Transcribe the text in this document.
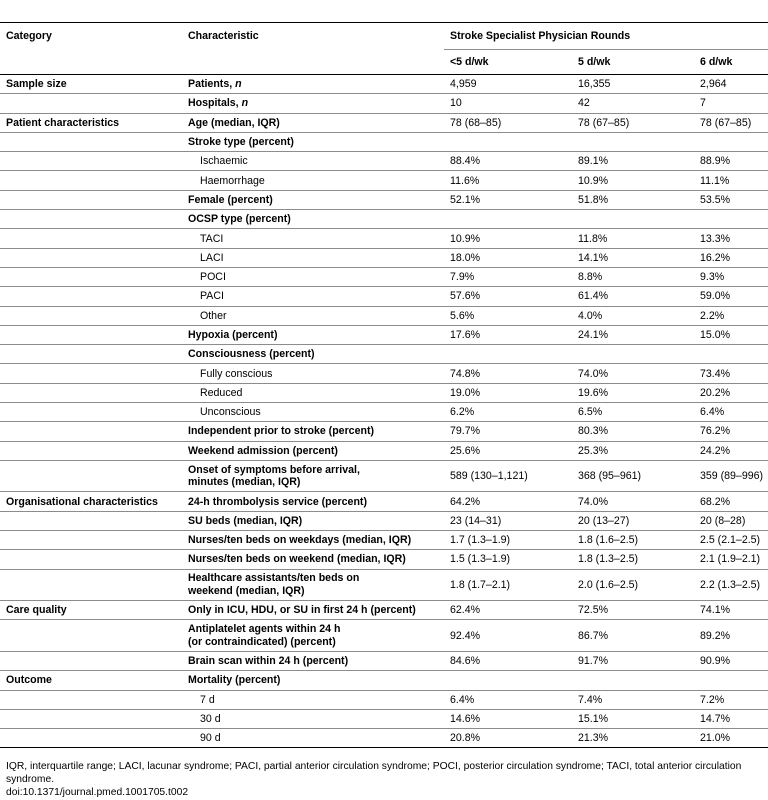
Category	Characteristic	Stroke Specialist Physician Rounds		
		<5 d/wk	5 d/wk	6 d/wk
Sample size	Patients, n	4,959	16,355	2,964
	Hospitals, n	10	42	7
Patient characteristics	Age (median, IQR)	78 (68–85)	78 (67–85)	78 (67–85)
	Stroke type (percent)			
	Ischaemic	88.4%	89.1%	88.9%
	Haemorrhage	11.6%	10.9%	11.1%
	Female (percent)	52.1%	51.8%	53.5%
	OCSP type (percent)			
	TACI	10.9%	11.8%	13.3%
	LACI	18.0%	14.1%	16.2%
	POCI	7.9%	8.8%	9.3%
	PACI	57.6%	61.4%	59.0%
	Other	5.6%	4.0%	2.2%
	Hypoxia (percent)	17.6%	24.1%	15.0%
	Consciousness (percent)			
	Fully conscious	74.8%	74.0%	73.4%
	Reduced	19.0%	19.6%	20.2%
	Unconscious	6.2%	6.5%	6.4%
	Independent prior to stroke (percent)	79.7%	80.3%	76.2%
	Weekend admission (percent)	25.6%	25.3%	24.2%
	Onset of symptoms before arrival,
minutes (median, IQR)	589 (130–1,121)	368 (95–961)	359 (89–996)
Organisational characteristics	24-h thrombolysis service (percent)	64.2%	74.0%	68.2%
	SU beds (median, IQR)	23 (14–31)	20 (13–27)	20 (8–28)
	Nurses/ten beds on weekdays (median, IQR)	1.7 (1.3–1.9)	1.8 (1.6–2.5)	2.5 (2.1–2.5)
	Nurses/ten beds on weekend (median, IQR)	1.5 (1.3–1.9)	1.8 (1.3–2.5)	2.1 (1.9–2.1)
	Healthcare assistants/ten beds on
weekend (median, IQR)	1.8 (1.7–2.1)	2.0 (1.6–2.5)	2.2 (1.3–2.5)
Care quality	Only in ICU, HDU, or SU in first 24 h (percent)	62.4%	72.5%	74.1%
	Antiplatelet agents within 24 h
(or contraindicated) (percent)	92.4%	86.7%	89.2%
	Brain scan within 24 h (percent)	84.6%	91.7%	90.9%
Outcome	Mortality (percent)			
	7 d	6.4%	7.4%	7.2%
	30 d	14.6%	15.1%	14.7%
	90 d	20.8%	21.3%	21.0%
IQR, interquartile range; LACI, lacunar syndrome; PACI, partial anterior circulation syndrome; POCI, posterior circulation syndrome; TACI, total anterior circulation syndrome.
doi:10.1371/journal.pmed.1001705.t002
